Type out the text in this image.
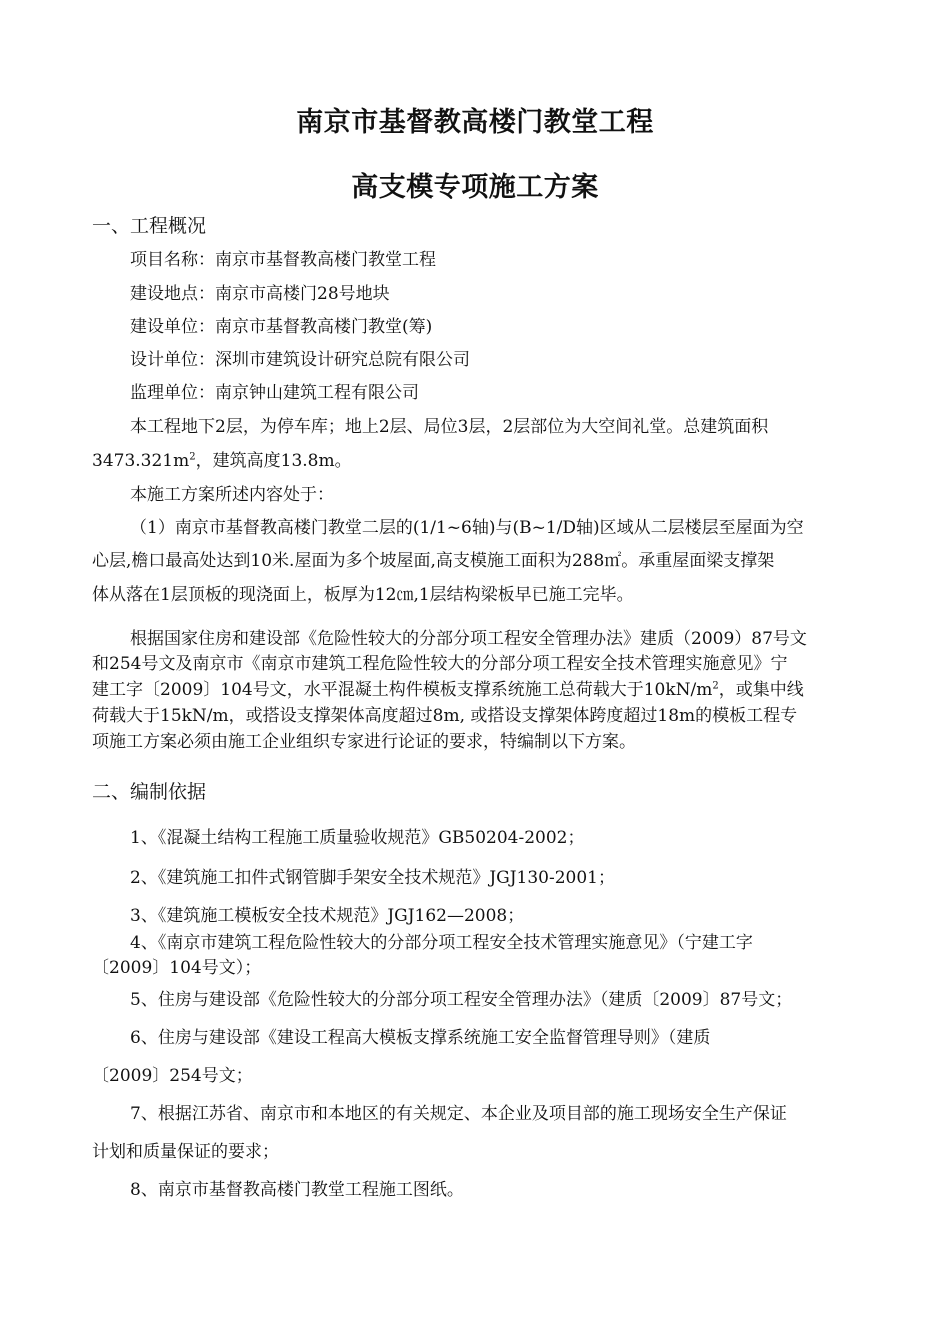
南京市基督教高楼门教堂工程
高支模专项施工方案
一、工程概况
项目名称：南京市基督教高楼门教堂工程
建设地点：南京市高楼门28号地块
建设单位：南京市基督教高楼门教堂(筹)
设计单位：深圳市建筑设计研究总院有限公司
监理单位：南京钟山建筑工程有限公司
本工程地下2层，为停车库；地上2层、局位3层，2层部位为大空间礼堂。总建筑面积
$3473.321m^2$，建筑高度13.8m。
本施工方案所述内容处于：
（1）南京市基督教高楼门教堂二层的(1/1~6轴)与(B~1/D轴)区域从二层楼层至屋面为空
心层,檐口最高处达到10米.屋面为多个坡屋面,高支模施工面积为288㎡。承重屋面梁支撑架
体从落在1层顶板的现浇面上，板厚为12㎝,1层结构梁板早已施工完毕。
根据国家住房和建设部《危险性较大的分部分项工程安全管理办法》建质（2009）87号文
和254号文及南京市《南京市建筑工程危险性较大的分部分项工程安全技术管理实施意见》宁
建工字〔2009〕104号文，水平混凝土构件模板支撑系统施工总荷载大于$10kN/m^2$，或集中线
荷载大于15kN/m，或搭设支撑架体高度超过8m, 或搭设支撑架体跨度超过18m的模板工程专
项施工方案必须由施工企业组织专家进行论证的要求，特编制以下方案。
二、编制依据
1、《混凝土结构工程施工质量验收规范》GB50204-2002；
2、《建筑施工扣件式钢管脚手架安全技术规范》JGJ130-2001；
3、《建筑施工模板安全技术规范》JGJ162—2008；
4、《南京市建筑工程危险性较大的分部分项工程安全技术管理实施意见》（宁建工字
〔2009〕104号文）；
5、住房与建设部《危险性较大的分部分项工程安全管理办法》（建质〔2009〕87号文；
6、住房与建设部《建设工程高大模板支撑系统施工安全监督管理导则》（建质
〔2009〕254号文；
7、根据江苏省、南京市和本地区的有关规定、本企业及项目部的施工现场安全生产保证
计划和质量保证的要求；
8、南京市基督教高楼门教堂工程施工图纸。
